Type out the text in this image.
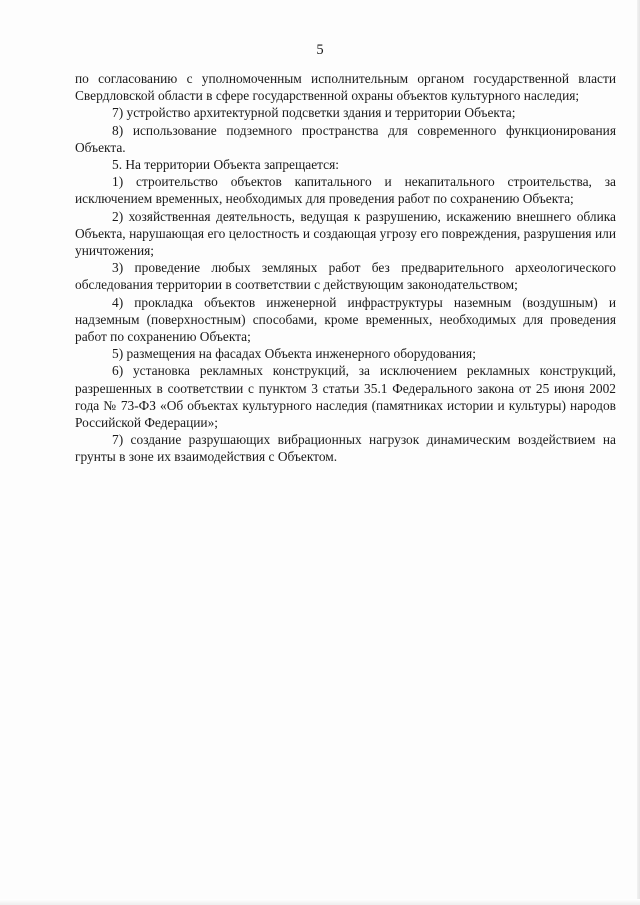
5

по согласованию с уполномоченным исполнительным органом государственной власти Свердловской области в сфере государственной охраны объектов культурного наследия;

7) устройство архитектурной подсветки здания и территории Объекта;

8) использование подземного пространства для современного функционирования Объекта.

5. На территории Объекта запрещается:

1) строительство объектов капитального и некапитального строительства, за исключением временных, необходимых для проведения работ по сохранению Объекта;

2) хозяйственная деятельность, ведущая к разрушению, искажению внешнего облика Объекта, нарушающая его целостность и создающая угрозу его повреждения, разрушения или уничтожения;

3) проведение любых земляных работ без предварительного археологического обследования территории в соответствии с действующим законодательством;

4) прокладка объектов инженерной инфраструктуры наземным (воздушным) и надземным (поверхностным) способами, кроме временных, необходимых для проведения работ по сохранению Объекта;

5) размещения на фасадах Объекта инженерного оборудования;

6) установка рекламных конструкций, за исключением рекламных конструкций, разрешенных в соответствии с пунктом 3 статьи 35.1 Федерального закона от 25 июня 2002 года № 73-ФЗ «Об объектах культурного наследия (памятниках истории и культуры) народов Российской Федерации»;

7) создание разрушающих вибрационных нагрузок динамическим воздействием на грунты в зоне их взаимодействия с Объектом.
